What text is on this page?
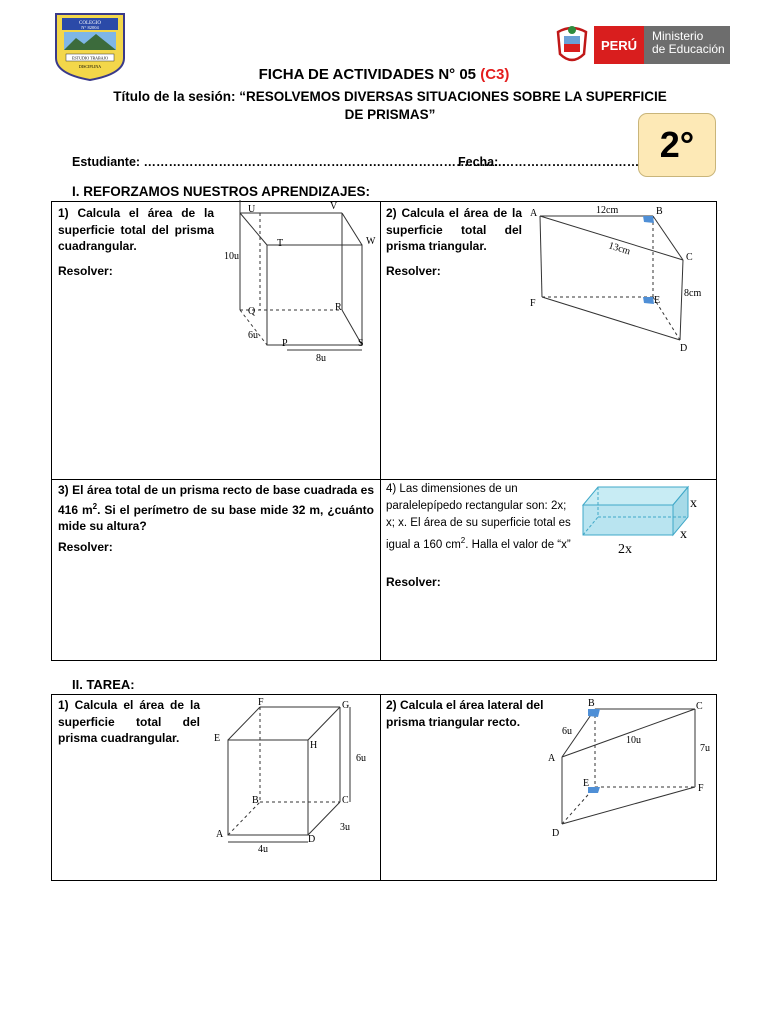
COLEGIO
N° 82004
ESTUDIO TRABAJO
DISCIPLINA
PERÚ
Ministerio
de Educación
FICHA DE ACTIVIDADES N° 05 (C3)
Título de la sesión: “RESOLVEMOS DIVERSAS SITUACIONES SOBRE LA SUPERFICIE
DE PRISMAS”
2°
Estudiante: ……………………………………………………………………………
Fecha: ……………………………
I. REFORZAMOS NUESTROS APRENDIZAJES:
1) Calcula el área de la superficie total del prisma cuadrangular.
Resolver:
U	V
T	W
Q	R
P	S
10u
6u
8u
2) Calcula el área de la superficie total del prisma triangular.
Resolver:
A	B
C
D
E
F
12cm
13cm
8cm
3) El área total de un prisma recto de base cuadrada es 416 $m^2$. Si el perímetro de su base mide 32 m, ¿cuánto mide su altura?
Resolver:
4) Las dimensiones de un paralelepípedo rectangular son: 2x; x; x. El área de su superficie total es igual a 160 $cm^2$. Halla el valor de “x”
Resolver:
x
x
2x
II. TAREA:
1) Calcula el área de la superficie total del prisma cuadrangular.
F	G
E
H
B	C
A	D
6u
3u
4u
2) Calcula el área lateral del prisma triangular recto.
B	C
A
E	F
D
6u
10u
7u
